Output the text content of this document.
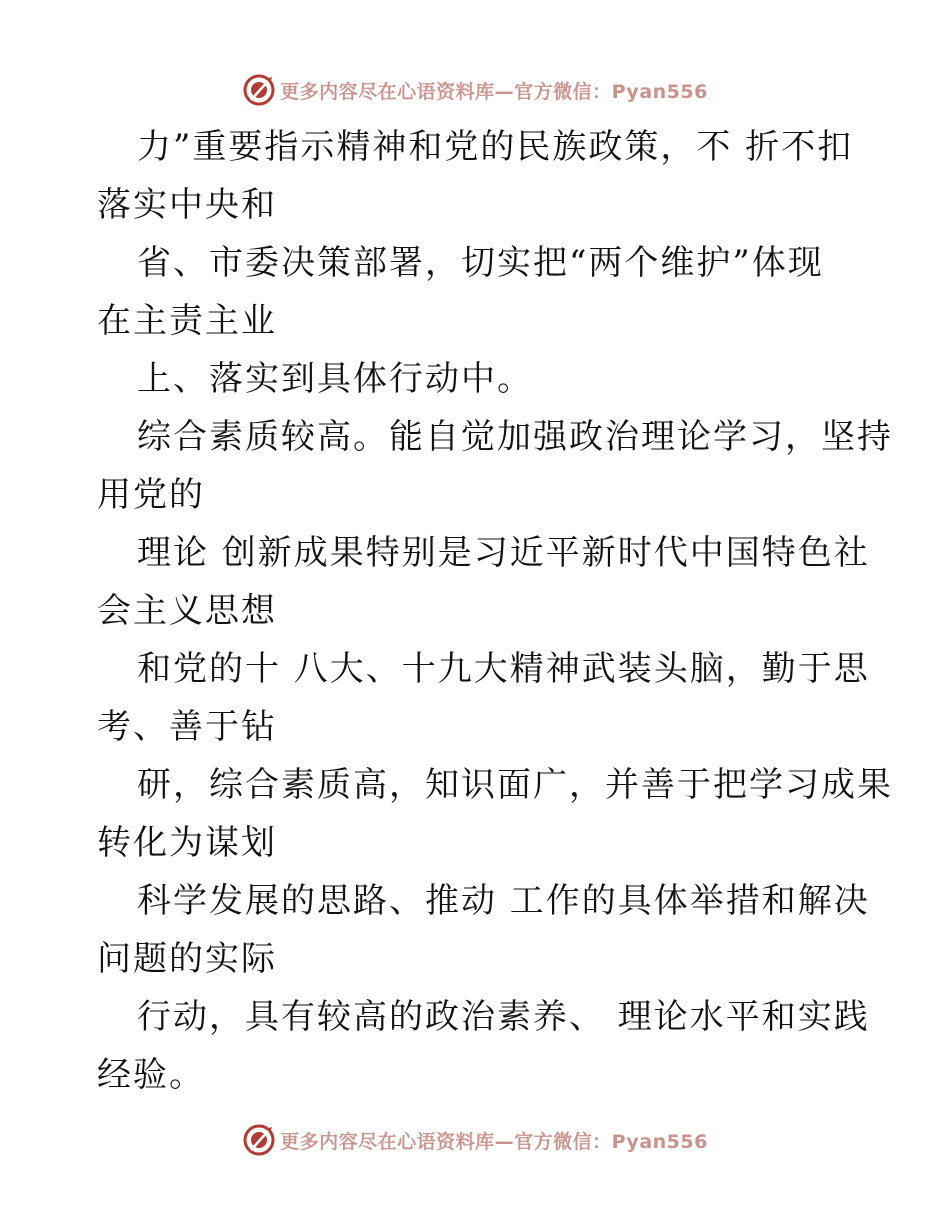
更多内容尽在心语资料库—官方微信：Pyan556

力”重要指示精神和党的民族政策，不 折不扣

落实中央和

省、市委决策部署，切实把“两个维护”体现

在主责主业

上、落实到具体行动中。

综合素质较高。能自觉加强政治理论学习，坚持

用党的

理论 创新成果特别是习近平新时代中国特色社

会主义思想

和党的十 八大、十九大精神武装头脑，勤于思

考、善于钻

研，综合素质高，知识面广，并善于把学习成果

转化为谋划

科学发展的思路、推动 工作的具体举措和解决

问题的实际

行动，具有较高的政治素养、 理论水平和实践

经验。

更多内容尽在心语资料库—官方微信：Pyan556
